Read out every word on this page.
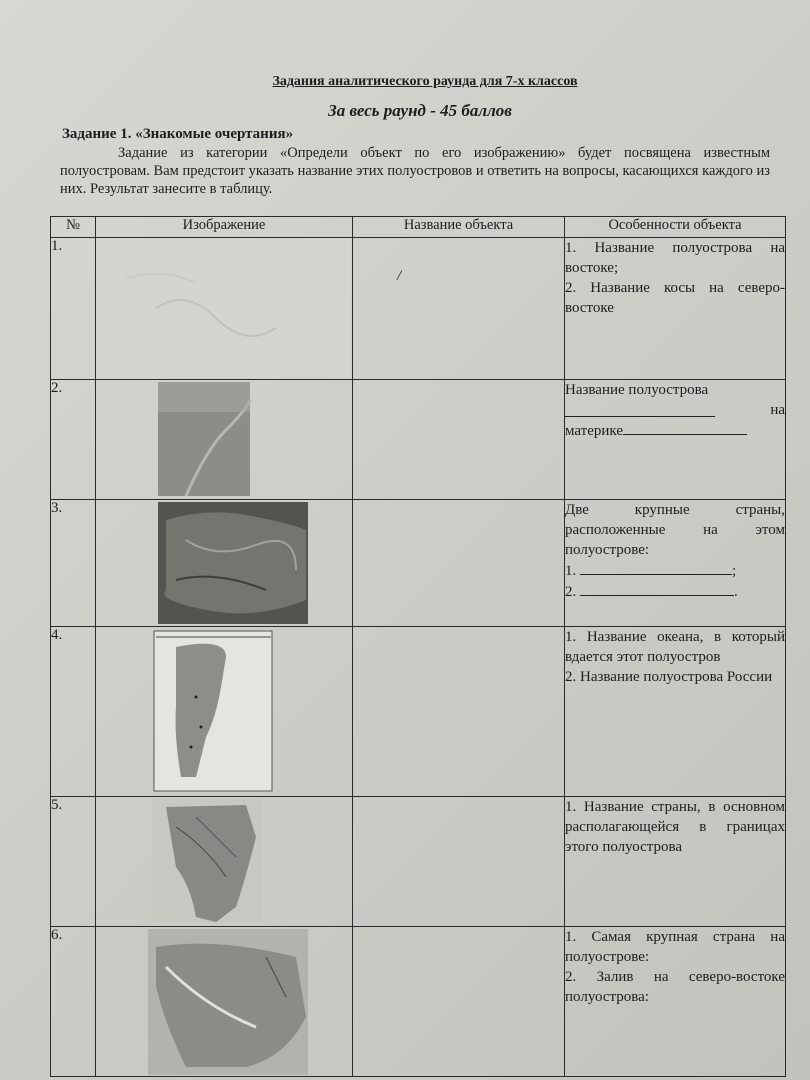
Задания аналитического раунда для 7-х классов
За весь раунд - 45 баллов
Задание 1. «Знакомые очертания»
Задание из категории «Определи объект по его изображению» будет посвящена известным полуостровам. Вам предстоит указать название этих полуостровов и ответить на вопросы, касающихся каждого из них. Результат занесите в таблицу.
№	Изображение	Название объекта	Особенности объекта
1.		/	1. Название полуострова на востоке;

2. Название косы на северо-востоке

2.			Название полуострова

на

материке

3.			Две крупные страны, расположенные на этом полуострове:

1. ;

2. .

4.			1. Название океана, в который вдается этот полуостров

2. Название полуострова России

5.			1. Название страны, в основном располагающейся в границах этого полуострова

6.			1. Самая крупная страна на полуострове:

2. Залив на северо-востоке полуострова:
